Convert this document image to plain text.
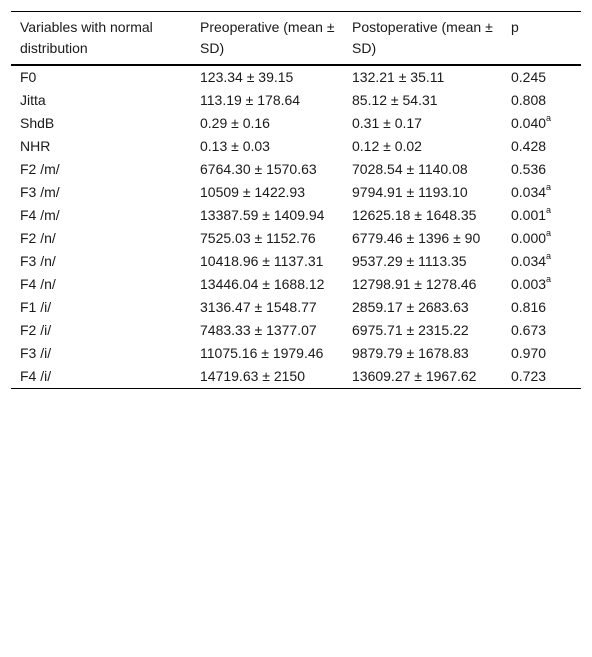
Variables with normal distribution	Preoperative (mean ± SD)	Postoperative (mean ± SD)	p
F0	123.34 ± 39.15	132.21 ± 35.11	0.245
Jitta	113.19 ± 178.64	85.12 ± 54.31	0.808
ShdB	0.29 ± 0.16	0.31 ± 0.17	0.040$^a$
NHR	0.13 ± 0.03	0.12 ± 0.02	0.428
F2 /m/	6764.30 ± 1570.63	7028.54 ± 1140.08	0.536
F3 /m/	10509 ± 1422.93	9794.91 ± 1193.10	0.034$^a$
F4 /m/	13387.59 ± 1409.94	12625.18 ± 1648.35	0.001$^a$
F2 /n/	7525.03 ± 1152.76	6779.46 ± 1396 ± 90	0.000$^a$
F3 /n/	10418.96 ± 1137.31	9537.29 ± 1113.35	0.034$^a$
F4 /n/	13446.04 ± 1688.12	12798.91 ± 1278.46	0.003$^a$
F1 /i/	3136.47 ± 1548.77	2859.17 ± 2683.63	0.816
F2 /i/	7483.33 ± 1377.07	6975.71 ± 2315.22	0.673
F3 /i/	11075.16 ± 1979.46	9879.79 ± 1678.83	0.970
F4 /i/	14719.63 ± 2150	13609.27 ± 1967.62	0.723
